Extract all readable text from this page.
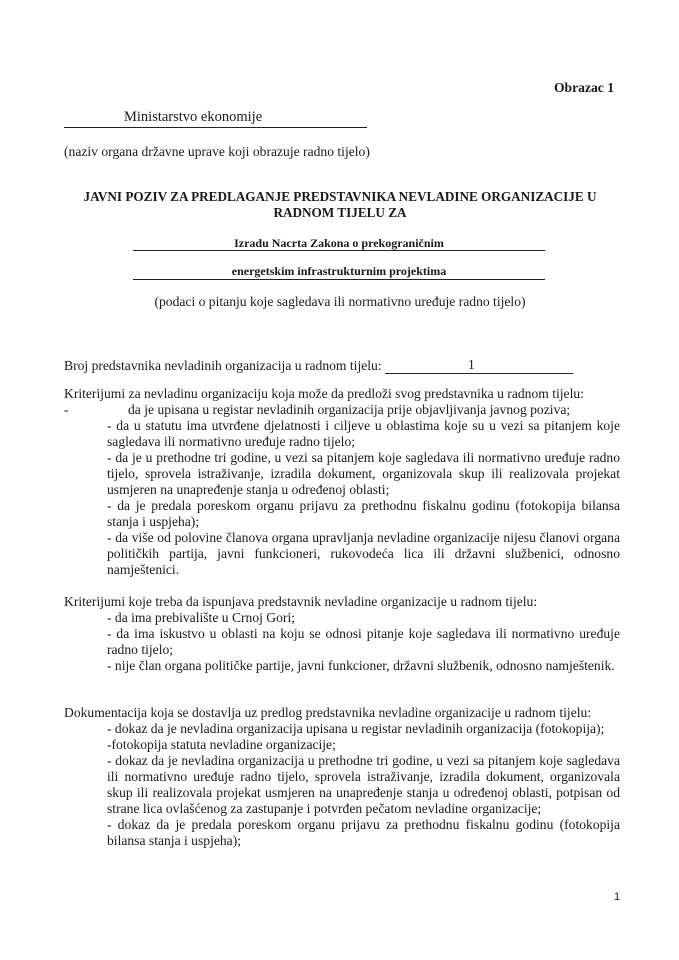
Obrazac 1
Ministarstvo ekonomije
(naziv organa državne uprave koji obrazuje radno tijelo)
JAVNI POZIV ZA PREDLAGANJE PREDSTAVNIKA NEVLADINE ORGANIZACIJE U
RADNOM TIJELU ZA
Izradu Nacrta Zakona o prekograničnim
energetskim infrastrukturnim projektima
(podaci o pitanju koje sagledava ili normativno uređuje radno tijelo)
Broj predstavnika nevladinih organizacija u radnom tijelu:	1
Kriterijumi za nevladinu organizaciju koja može da predloži svog predstavnika u radnom tijelu:
-	da je upisana u registar nevladinih organizacija prije objavljivanja javnog poziva;
- da u statutu ima utvrđene djelatnosti i ciljeve u oblastima koje su u vezi sa pitanjem koje sagledava ili normativno uređuje radno tijelo;
- da je u prethodne tri godine, u vezi sa pitanjem koje sagledava ili normativno uređuje radno tijelo, sprovela istraživanje, izradila dokument, organizovala skup ili realizovala projekat usmjeren na unapređenje stanja u određenoj oblasti;
- da je predala poreskom organu prijavu za prethodnu fiskalnu godinu (fotokopija bilansa stanja i uspjeha);
- da više od polovine članova organa upravljanja nevladine organizacije nijesu članovi organa političkih partija, javni funkcioneri, rukovodeća lica ili državni službenici, odnosno namještenici.
Kriterijumi koje treba da ispunjava predstavnik nevladine organizacije u radnom tijelu:
- da ima prebivalište u Crnoj Gori;
- da ima iskustvo u oblasti na koju se odnosi pitanje koje sagledava ili normativno uređuje radno tijelo;
- nije član organa političke partije, javni funkcioner, državni službenik, odnosno namještenik.
Dokumentacija koja se dostavlja uz predlog predstavnika nevladine organizacije u radnom tijelu:
- dokaz da je nevladina organizacija upisana u registar nevladinih organizacija (fotokopija);
-fotokopija statuta nevladine organizacije;
- dokaz da je nevladina organizacija u prethodne tri godine, u vezi sa pitanjem koje sagledava ili normativno uređuje radno tijelo, sprovela istraživanje, izradila dokument, organizovala skup ili realizovala projekat usmjeren na unapređenje stanja u određenoj oblasti, potpisan od strane lica ovlašćenog za zastupanje i potvrđen pečatom nevladine organizacije;
- dokaz da je predala poreskom organu prijavu za prethodnu fiskalnu godinu (fotokopija bilansa stanja i uspjeha);
1
